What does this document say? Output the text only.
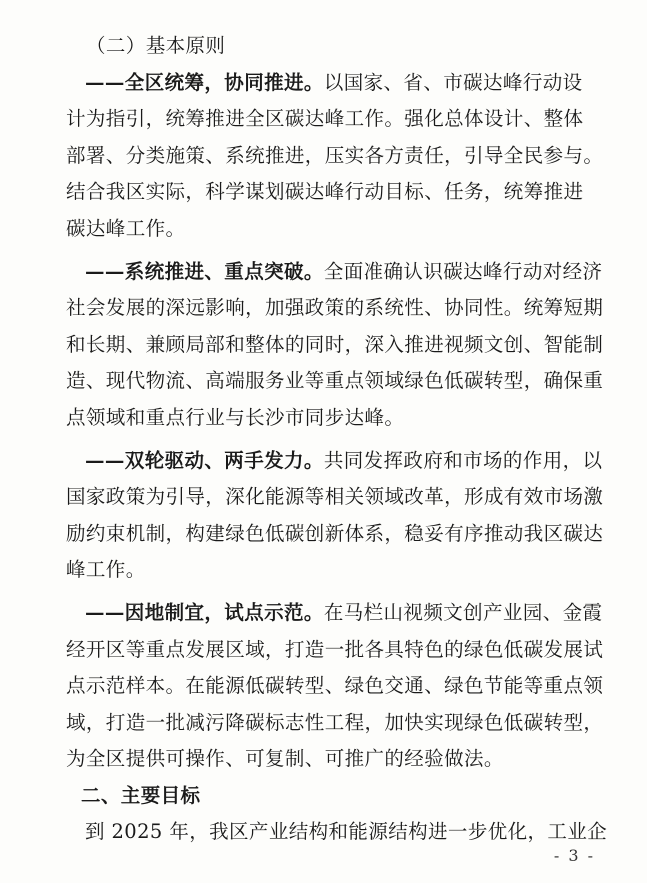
（二）基本原则
——全区统筹，协同推进。以国家、省、市碳达峰行动设
计为指引，统筹推进全区碳达峰工作。强化总体设计、整体
部署、分类施策、系统推进，压实各方责任，引导全民参与。
结合我区实际，科学谋划碳达峰行动目标、任务，统筹推进
碳达峰工作。
——系统推进、重点突破。全面准确认识碳达峰行动对经济
社会发展的深远影响，加强政策的系统性、协同性。统筹短期
和长期、兼顾局部和整体的同时，深入推进视频文创、智能制
造、现代物流、高端服务业等重点领域绿色低碳转型，确保重
点领域和重点行业与长沙市同步达峰。
——双轮驱动、两手发力。共同发挥政府和市场的作用，以
国家政策为引导，深化能源等相关领域改革，形成有效市场激
励约束机制，构建绿色低碳创新体系，稳妥有序推动我区碳达
峰工作。
——因地制宜，试点示范。在马栏山视频文创产业园、金霞
经开区等重点发展区域，打造一批各具特色的绿色低碳发展试
点示范样本。在能源低碳转型、绿色交通、绿色节能等重点领
域，打造一批减污降碳标志性工程，加快实现绿色低碳转型，
为全区提供可操作、可复制、可推广的经验做法。
二、主要目标
到 2025 年，我区产业结构和能源结构进一步优化，工业企
- 3 -
